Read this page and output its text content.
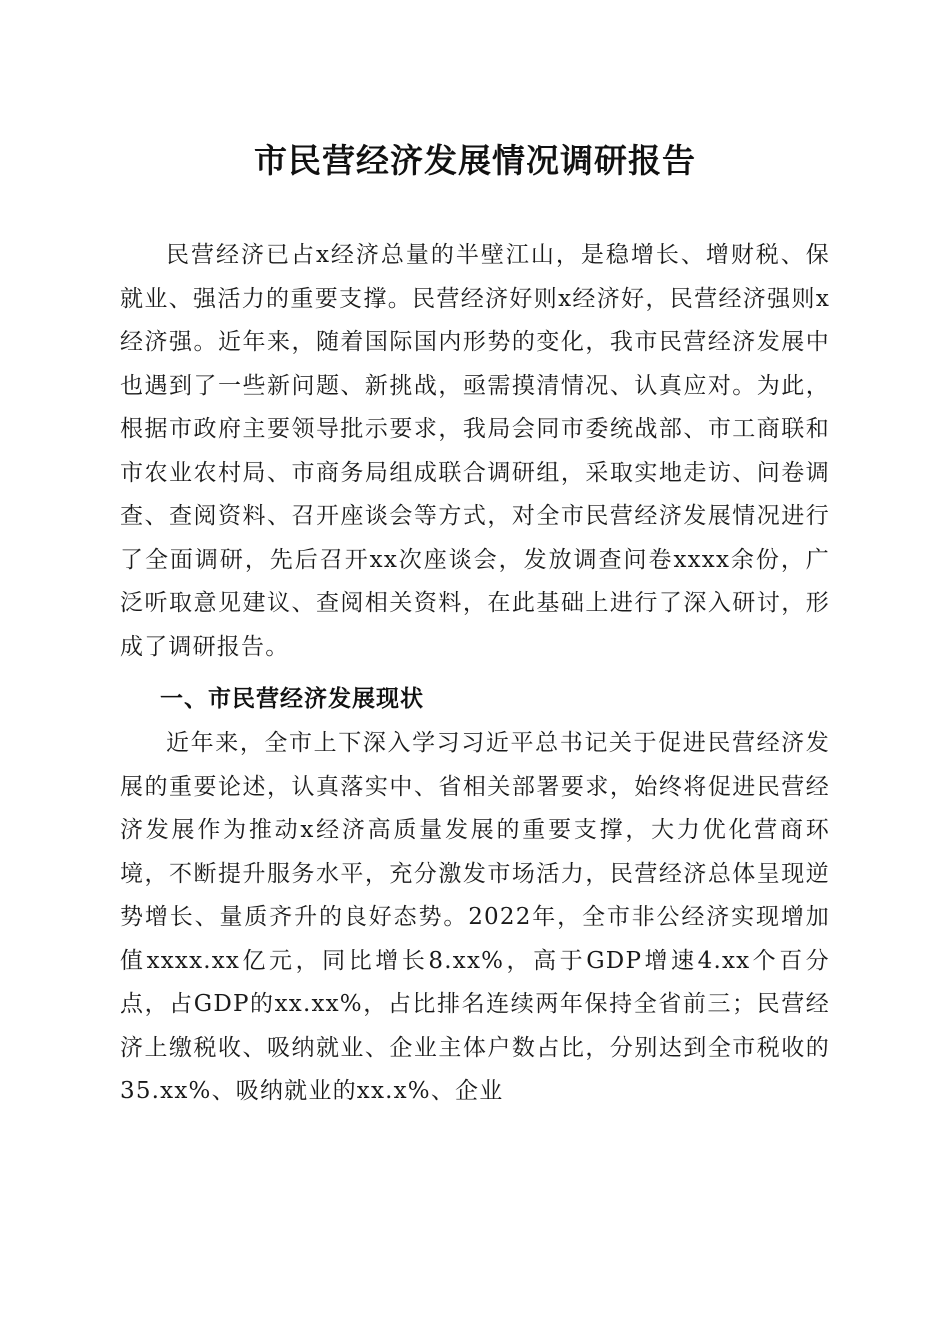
市民营经济发展情况调研报告

民营经济已占x经济总量的半壁江山，是稳增长、增财税、保就业、强活力的重要支撑。民营经济好则x经济好，民营经济强则x经济强。近年来，随着国际国内形势的变化，我市民营经济发展中也遇到了一些新问题、新挑战，亟需摸清情况、认真应对。为此，根据市政府主要领导批示要求，我局会同市委统战部、市工商联和市农业农村局、市商务局组成联合调研组，采取实地走访、问卷调查、查阅资料、召开座谈会等方式，对全市民营经济发展情况进行了全面调研，先后召开xx次座谈会，发放调查问卷xxxx余份，广泛听取意见建议、查阅相关资料，在此基础上进行了深入研讨，形成了调研报告。

一、市民营经济发展现状

近年来，全市上下深入学习习近平总书记关于促进民营经济发展的重要论述，认真落实中、省相关部署要求，始终将促进民营经济发展作为推动x经济高质量发展的重要支撑，大力优化营商环境，不断提升服务水平，充分激发市场活力，民营经济总体呈现逆势增长、量质齐升的良好态势。2022年，全市非公经济实现增加值xxxx.xx亿元，同比增长8.xx%，高于GDP增速4.xx个百分点，占GDP的xx.xx%，占比排名连续两年保持全省前三；民营经济上缴税收、吸纳就业、企业主体户数占比，分别达到全市税收的35.xx%、吸纳就业的xx.x%、企业
